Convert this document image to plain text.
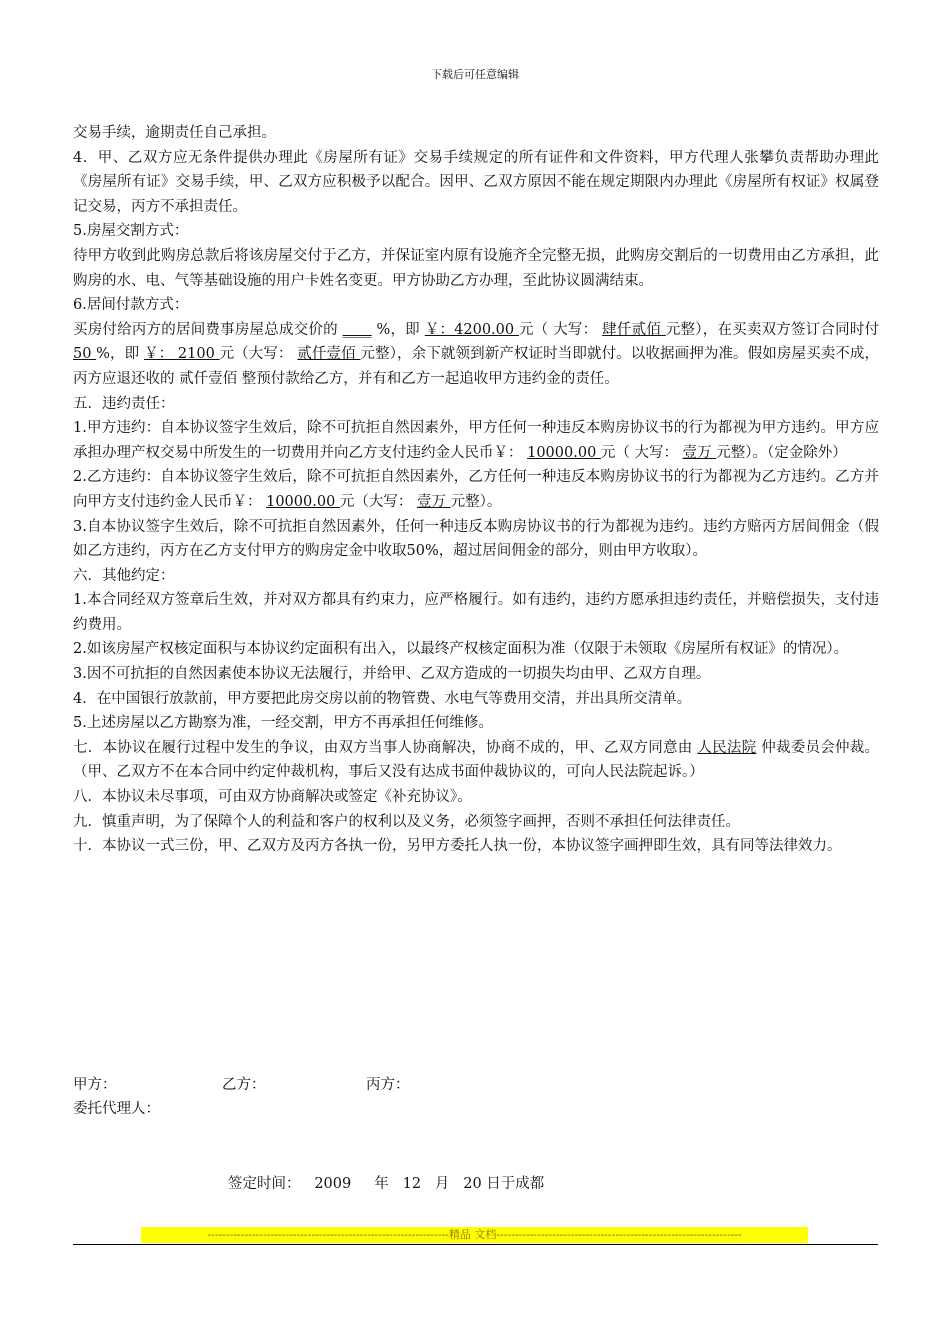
下载后可任意编辑

交易手续，逾期责任自己承担。

4．甲、乙双方应无条件提供办理此《房屋所有证》交易手续规定的所有证件和文件资料，甲方代理人张攀负责帮助办理此《房屋所有证》交易手续，甲、乙双方应积极予以配合。因甲、乙双方原因不能在规定期限内办理此《房屋所有权证》权属登记交易，丙方不承担责任。

5.房屋交割方式：

待甲方收到此购房总款后将该房屋交付于乙方，并保证室内原有设施齐全完整无损，此购房交割后的一切费用由乙方承担，此购房的水、电、气等基础设施的用户卡姓名变更。甲方协助乙方办理，至此协议圆满结束。

6.居间付款方式：

买房付给丙方的居间费事房屋总成交价的 ____ %，即 ￥：4200.00 元（ 大写： 肆仟贰佰 元整），在买卖双方签订合同时付 50 %，即 ￥： 2100 元（大写： 贰仟壹佰 元整），余下就领到新产权证时当即就付。以收据画押为准。假如房屋买卖不成，丙方应退还收的 贰仟壹佰 整预付款给乙方，并有和乙方一起追收甲方违约金的责任。

五．违约责任：

1.甲方违约：自本协议签字生效后，除不可抗拒自然因素外，甲方任何一种违反本购房协议书的行为都视为甲方违约。甲方应承担办理产权交易中所发生的一切费用并向乙方支付违约金人民币￥： 10000.00 元（ 大写： 壹万 元整）。（定金除外）

2.乙方违约：自本协议签字生效后，除不可抗拒自然因素外，乙方任何一种违反本购房协议书的行为都视为乙方违约。乙方并向甲方支付违约金人民币￥： 10000.00 元（大写： 壹万 元整）。

3.自本协议签字生效后，除不可抗拒自然因素外，任何一种违反本购房协议书的行为都视为违约。违约方赔丙方居间佣金（假如乙方违约，丙方在乙方支付甲方的购房定金中收取50%，超过居间佣金的部分，则由甲方收取）。

六．其他约定：

1.本合同经双方签章后生效，并对双方都具有约束力，应严格履行。如有违约，违约方愿承担违约责任，并赔偿损失，支付违约费用。

2.如该房屋产权核定面积与本协议约定面积有出入，以最终产权核定面积为准（仅限于未领取《房屋所有权证》的情况）。

3.因不可抗拒的自然因素使本协议无法履行，并给甲、乙双方造成的一切损失均由甲、乙双方自理。

4．在中国银行放款前，甲方要把此房交房以前的物管费、水电气等费用交清，并出具所交清单。

5.上述房屋以乙方勘察为准，一经交割，甲方不再承担任何维修。

七．本协议在履行过程中发生的争议，由双方当事人协商解决，协商不成的，甲、乙双方同意由 人民法院 仲裁委员会仲裁。（甲、乙双方不在本合同中约定仲裁机构，事后又没有达成书面仲裁协议的，可向人民法院起诉。）

八．本协议未尽事项，可由双方协商解决或签定《补充协议》。

九．慎重声明，为了保障个人的利益和客户的权利以及义务，必须签字画押，否则不承担任何法律责任。

十．本协议一式三份，甲、乙双方及丙方各执一份，另甲方委托人执一份，本协议签字画押即生效，具有同等法律效力。

甲方：	乙方：	丙方：
委托代理人：
签定时间： 2009 年 12 月 20 日于成都
-----------------------------------------------------------------精品 文档------------------------------------------------------------------
